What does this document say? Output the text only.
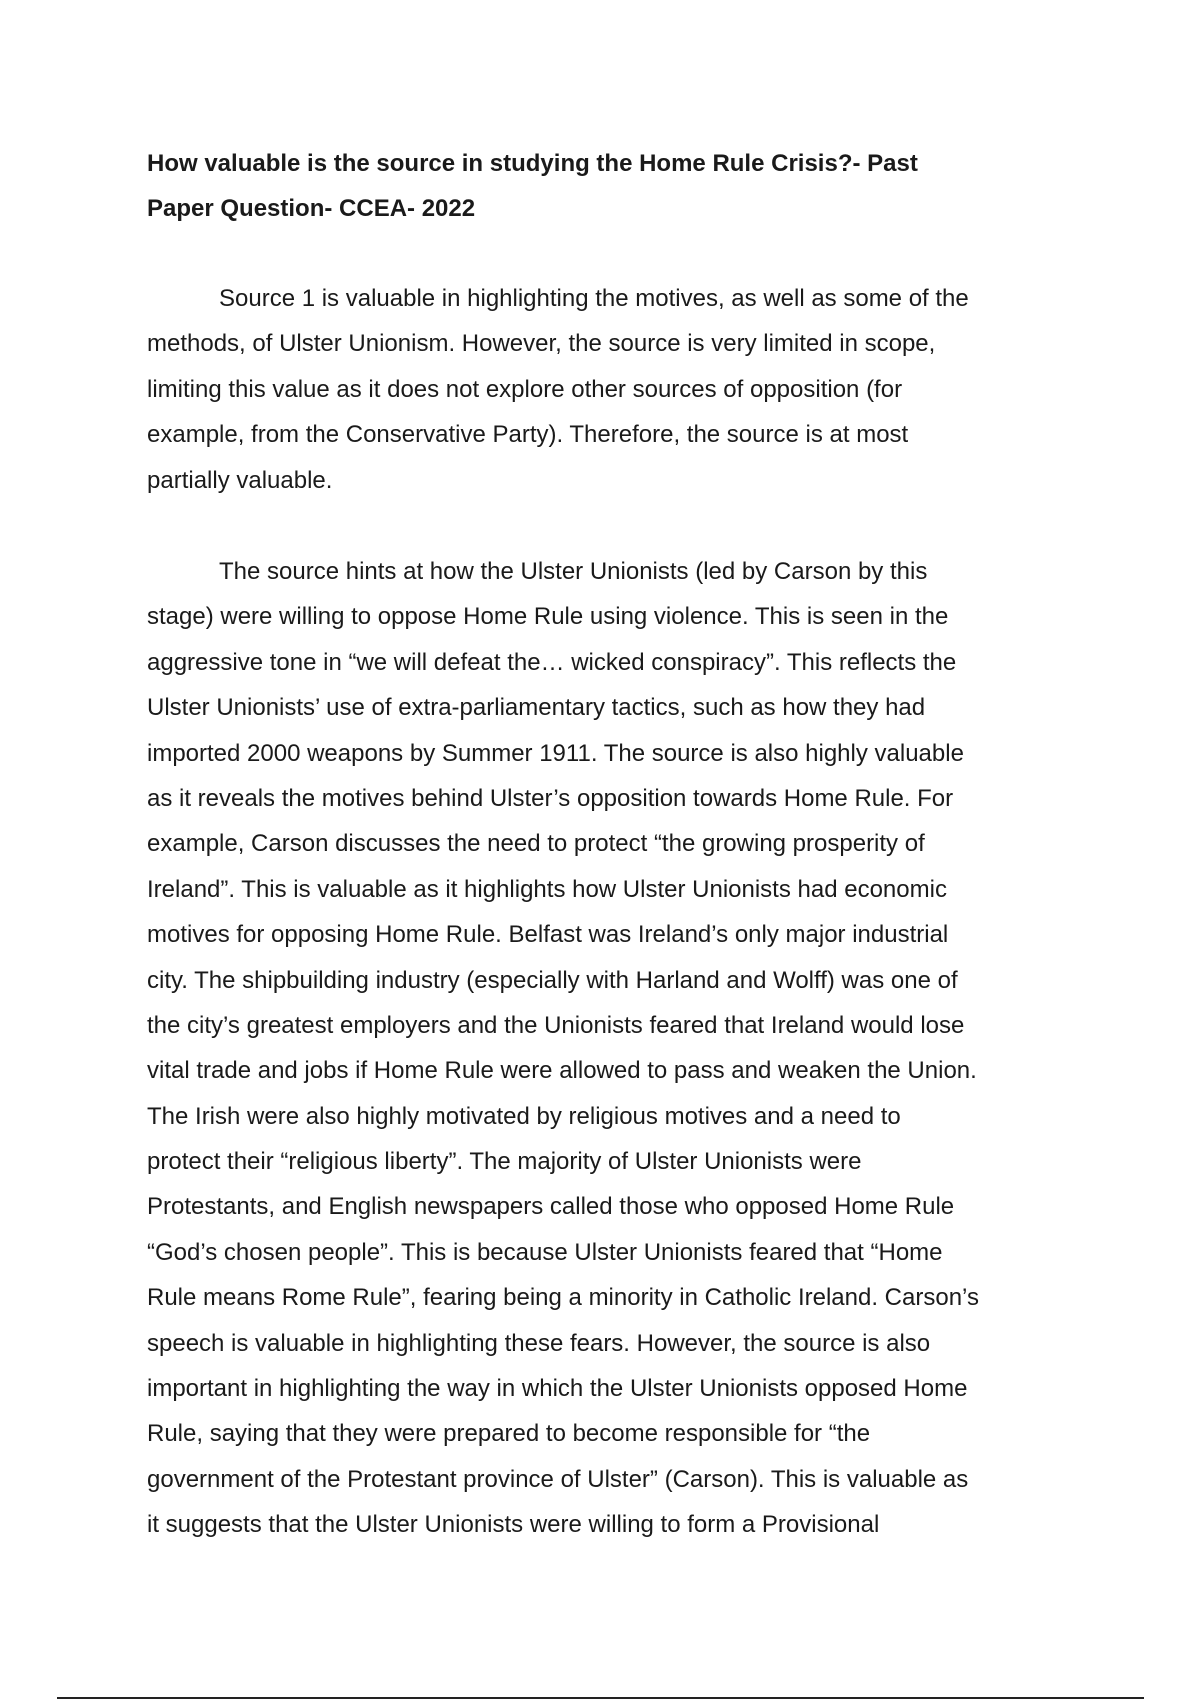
How valuable is the source in studying the Home Rule Crisis?- Past
Paper Question- CCEA- 2022
Source 1 is valuable in highlighting the motives, as well as some of the
methods, of Ulster Unionism. However, the source is very limited in scope,
limiting this value as it does not explore other sources of opposition (for
example, from the Conservative Party). Therefore, the source is at most
partially valuable.
The source hints at how the Ulster Unionists (led by Carson by this
stage) were willing to oppose Home Rule using violence. This is seen in the
aggressive tone in “we will defeat the… wicked conspiracy”. This reflects the
Ulster Unionists’ use of extra-parliamentary tactics, such as how they had
imported 2000 weapons by Summer 1911. The source is also highly valuable
as it reveals the motives behind Ulster’s opposition towards Home Rule. For
example, Carson discusses the need to protect “the growing prosperity of
Ireland”. This is valuable as it highlights how Ulster Unionists had economic
motives for opposing Home Rule. Belfast was Ireland’s only major industrial
city. The shipbuilding industry (especially with Harland and Wolff) was one of
the city’s greatest employers and the Unionists feared that Ireland would lose
vital trade and jobs if Home Rule were allowed to pass and weaken the Union.
The Irish were also highly motivated by religious motives and a need to
protect their “religious liberty”. The majority of Ulster Unionists were
Protestants, and English newspapers called those who opposed Home Rule
“God’s chosen people”. This is because Ulster Unionists feared that “Home
Rule means Rome Rule”, fearing being a minority in Catholic Ireland. Carson’s
speech is valuable in highlighting these fears. However, the source is also
important in highlighting the way in which the Ulster Unionists opposed Home
Rule, saying that they were prepared to become responsible for “the
government of the Protestant province of Ulster” (Carson). This is valuable as
it suggests that the Ulster Unionists were willing to form a Provisional
